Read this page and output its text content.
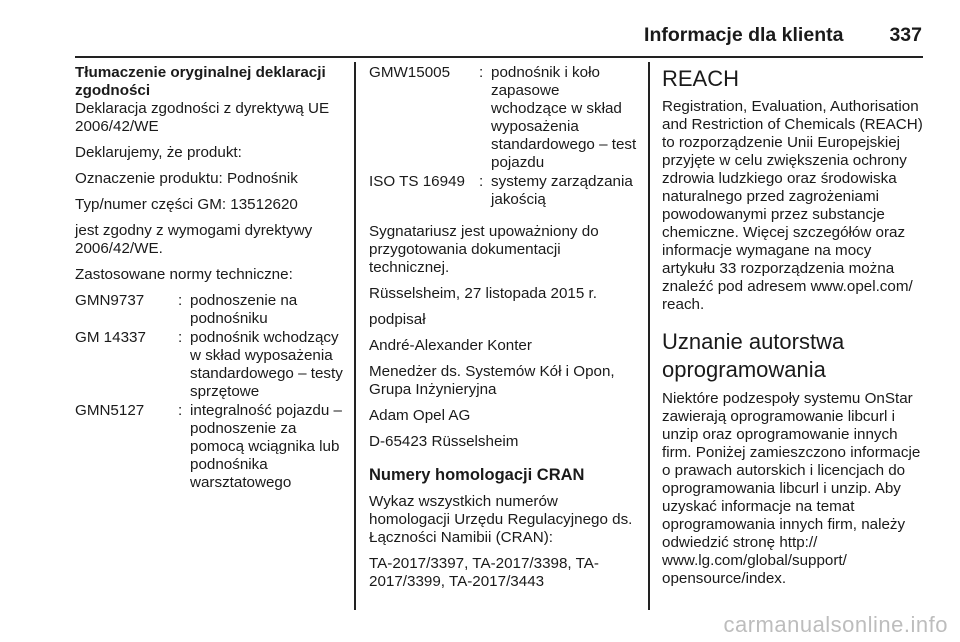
Informacje dla klienta 337

Tłumaczenie oryginalnej deklaracji zgodności

Deklaracja zgodności z dyrektywą UE 2006/42/WE

Deklarujemy, że produkt:

Oznaczenie produktu: Podnośnik

Typ/numer części GM: 13512620

jest zgodny z wymogami dyrektywy 2006/42/WE.

Zastosowane normy techniczne:

GMN9737	: podnoszenie na podnośniku
GM 14337	: podnośnik wchodzący w skład wyposażenia standardowego – testy sprzętowe
GMN5127	: integralność pojazdu – podnoszenie za pomocą wciągnika lub podnośnika warsztatowego
GMW15005	: podnośnik i koło zapasowe wchodzące w skład wyposażenia standardowego – test pojazdu
ISO TS 16949 : systemy zarządzania jakością

Sygnatariusz jest upoważniony do przygotowania dokumentacji technicznej.

Rüsselsheim, 27 listopada 2015 r.

podpisał

André-Alexander Konter

Menedżer ds. Systemów Kół i Opon, Grupa Inżynieryjna

Adam Opel AG

D-65423 Rüsselsheim

Numery homologacji CRAN

Wykaz wszystkich numerów homologacji Urzędu Regulacyjnego ds. Łączności Namibii (CRAN):

TA-2017/3397, TA-2017/3398, TA-2017/3399, TA-2017/3443

REACH

Registration, Evaluation, Authorisation and Restriction of Chemicals (REACH) to rozporządzenie Unii Europejskiej przyjęte w celu zwiększenia ochrony zdrowia ludzkiego oraz środowiska naturalnego przed zagrożeniami powodowanymi przez substancje chemiczne. Więcej szczegółów oraz informacje wymagane na mocy artykułu 33 rozporządzenia można znaleźć pod adresem www.opel.com/ reach.

Uznanie autorstwa oprogramowania

Niektóre podzespoły systemu OnStar zawierają oprogramowanie libcurl i unzip oraz oprogramowanie innych firm. Poniżej zamieszczono informacje o prawach autorskich i licencjach do oprogramowania libcurl i unzip. Aby uzyskać informacje na temat oprogramowania innych firm, należy odwiedzić stronę http:// www.lg.com/global/support/ opensource/index.

carmanualsonline.info
